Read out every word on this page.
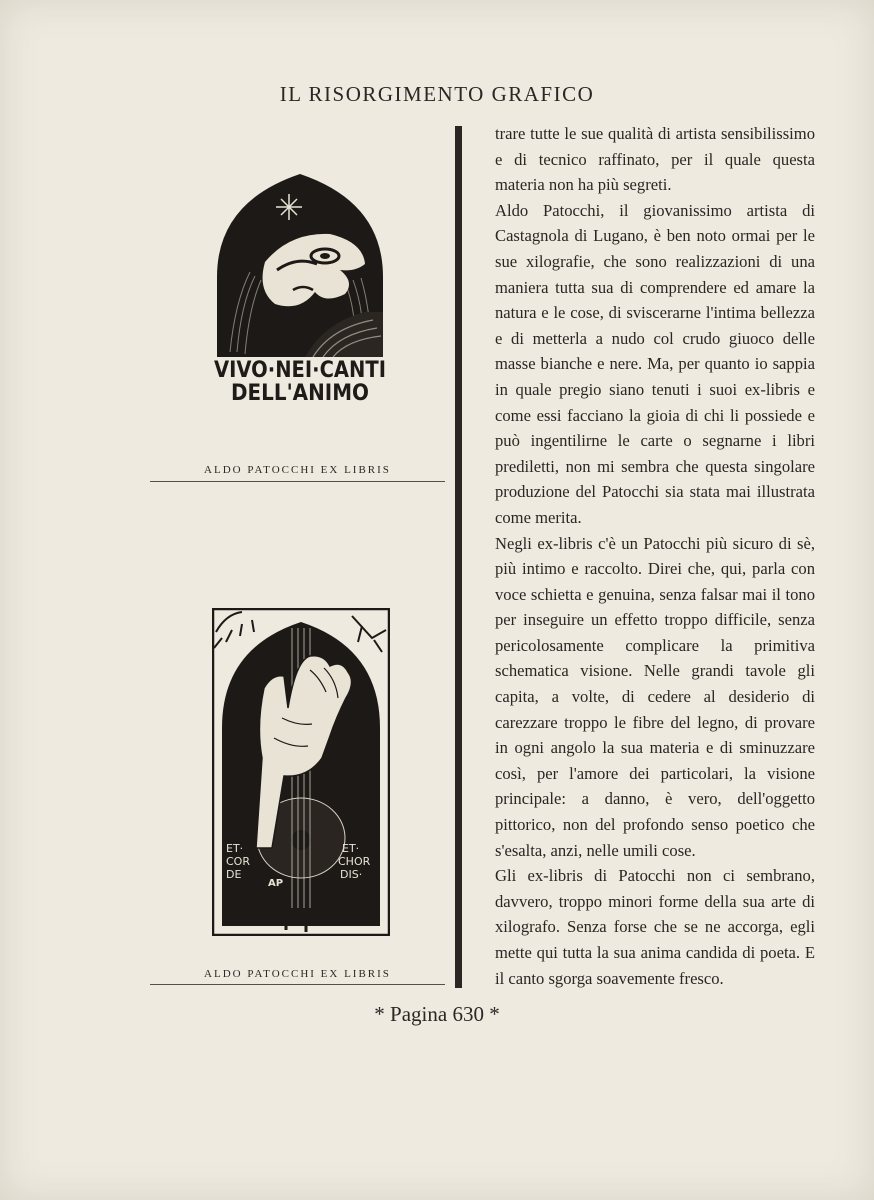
IL RISORGIMENTO GRAFICO
VIVO·NEI·CANTI
DELL'ANIMO
ALDO PATOCCHI EX LIBRIS
ET·
COR
DE
ET·
CHOR
DIS·
AP
ALDO PATOCCHI EX LIBRIS

trare tutte le sue qualità di artista sensibilissimo e di tecnico raffinato, per il quale questa materia non ha più segreti.

Aldo Patocchi, il giovanissimo artista di Castagnola di Lugano, è ben noto ormai per le sue xilografie, che sono realizzazioni di una maniera tutta sua di comprendere ed amare la natura e le cose, di sviscerarne l'intima bellezza e di metterla a nudo col crudo giuoco delle masse bianche e nere. Ma, per quanto io sappia in quale pregio siano tenuti i suoi ex-libris e come essi facciano la gioia di chi li possiede e può ingentilirne le carte o segnarne i libri prediletti, non mi sembra che questa singolare produzione del Patocchi sia stata mai illustrata come merita.

Negli ex-libris c'è un Patocchi più sicuro di sè, più intimo e raccolto. Direi che, qui, parla con voce schietta e genuina, senza falsar mai il tono per inseguire un effetto troppo difficile, senza pericolosamente complicare la primitiva schematica visione. Nelle grandi tavole gli capita, a volte, di cedere al desiderio di carezzare troppo le fibre del legno, di provare in ogni angolo la sua materia e di sminuzzare così, per l'amore dei particolari, la visione principale: a danno, è vero, dell'oggetto pittorico, non del profondo senso poetico che s'esalta, anzi, nelle umili cose.

Gli ex-libris di Patocchi non ci sembrano, davvero, troppo minori forme della sua arte di xilografo. Senza forse che se ne accorga, egli mette qui tutta la sua anima candida di poeta. E il canto sgorga soavemente fresco.

* Pagina 630 *
